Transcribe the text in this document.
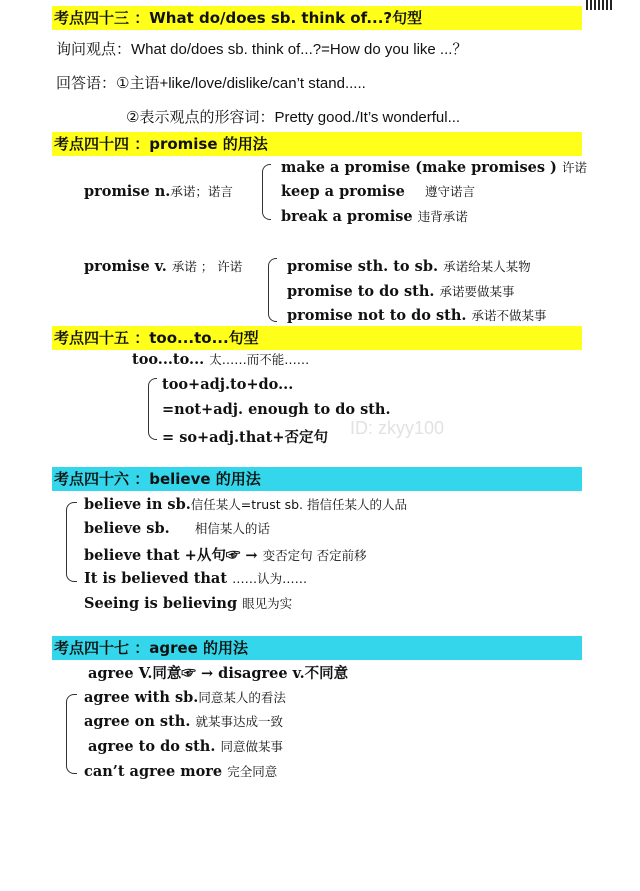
考点四十三 ：What do/does sb. think of...?句型
询问观点：What do/does sb. think of...?=How do you like ...？
回答语：①主语+like/love/dislike/can’t stand.....
②表示观点的形容词：Pretty good./It’s wonderful...
考点四十四 ：promise 的用法
promise n.承诺；诺言
make a promise (make promises ) 许诺
keep a promise 遵守诺言
break a promise 违背承诺
promise v. 承诺 ； 许诺	promise sth. to sb. 承诺给某人某物
promise to do sth. 承诺要做某事
promise not to do sth. 承诺不做某事
考点四十五 ：too...to...句型
too...to... 太……而不能……
too+adj.to+do...
=not+adj. enough to do sth.
= so+adj.that+否定句 ID: zkyy100
考点四十六 ：believe 的用法
believe in sb.信任某人=trust sb. 指信任某人的人品
believe sb. 相信某人的话
believe that +从句☞ → 变否定句 否定前移
It is believed that ……认为……
Seeing is believing 眼见为实
考点四十七 ：agree 的用法
agree V.同意☞ → disagree v.不同意
agree with sb.同意某人的看法
agree on sth. 就某事达成一致
agree to do sth. 同意做某事
can’t agree more 完全同意
